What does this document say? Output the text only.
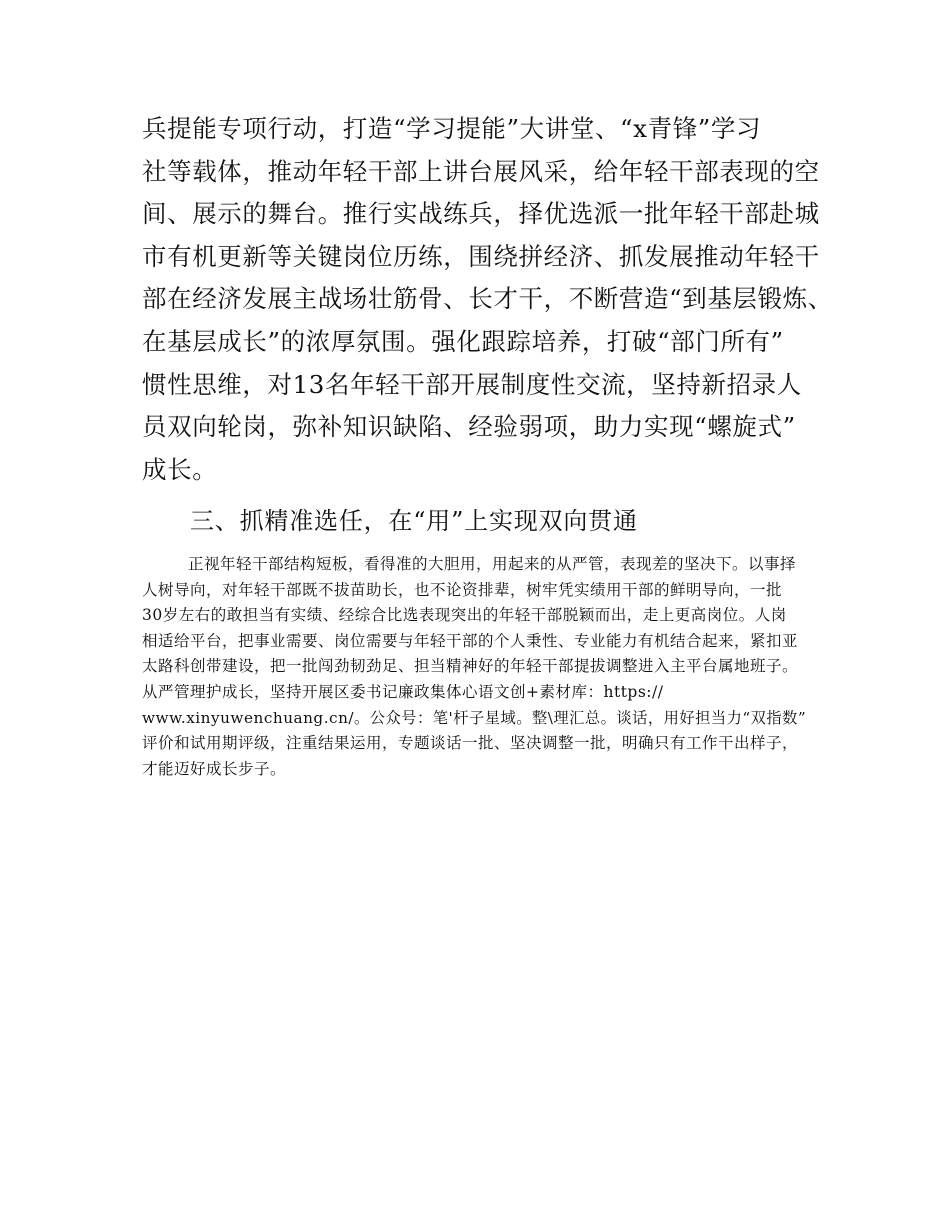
兵提能专项行动，打造“学习提能”大讲堂、“x青锋”学习
社等载体，推动年轻干部上讲台展风采，给年轻干部表现的空
间、展示的舞台。推行实战练兵，择优选派一批年轻干部赴城
市有机更新等关键岗位历练，围绕拼经济、抓发展推动年轻干
部在经济发展主战场壮筋骨、长才干，不断营造“到基层锻炼、
在基层成长”的浓厚氛围。强化跟踪培养，打破“部门所有”
惯性思维，对13名年轻干部开展制度性交流，坚持新招录人
员双向轮岗，弥补知识缺陷、经验弱项，助力实现“螺旋式”
成长。
三、抓精准选任，在“用”上实现双向贯通
正视年轻干部结构短板，看得准的大胆用，用起来的从严管，表现差的坚决下。以事择
人树导向，对年轻干部既不拔苗助长，也不论资排辈，树牢凭实绩用干部的鲜明导向，一批
30岁左右的敢担当有实绩、经综合比选表现突出的年轻干部脱颖而出，走上更高岗位。人岗
相适给平台，把事业需要、岗位需要与年轻干部的个人秉性、专业能力有机结合起来，紧扣亚
太路科创带建设，把一批闯劲韧劲足、担当精神好的年轻干部提拔调整进入主平台属地班子。
从严管理护成长，坚持开展区委书记廉政集体心语文创+素材库：https://
www.xinyuwenchuang.cn/。公众号：笔'杆子星域。整\理汇总。谈话，用好担当力“双指数”
评价和试用期评级，注重结果运用，专题谈话一批、坚决调整一批，明确只有工作干出样子，
才能迈好成长步子。
